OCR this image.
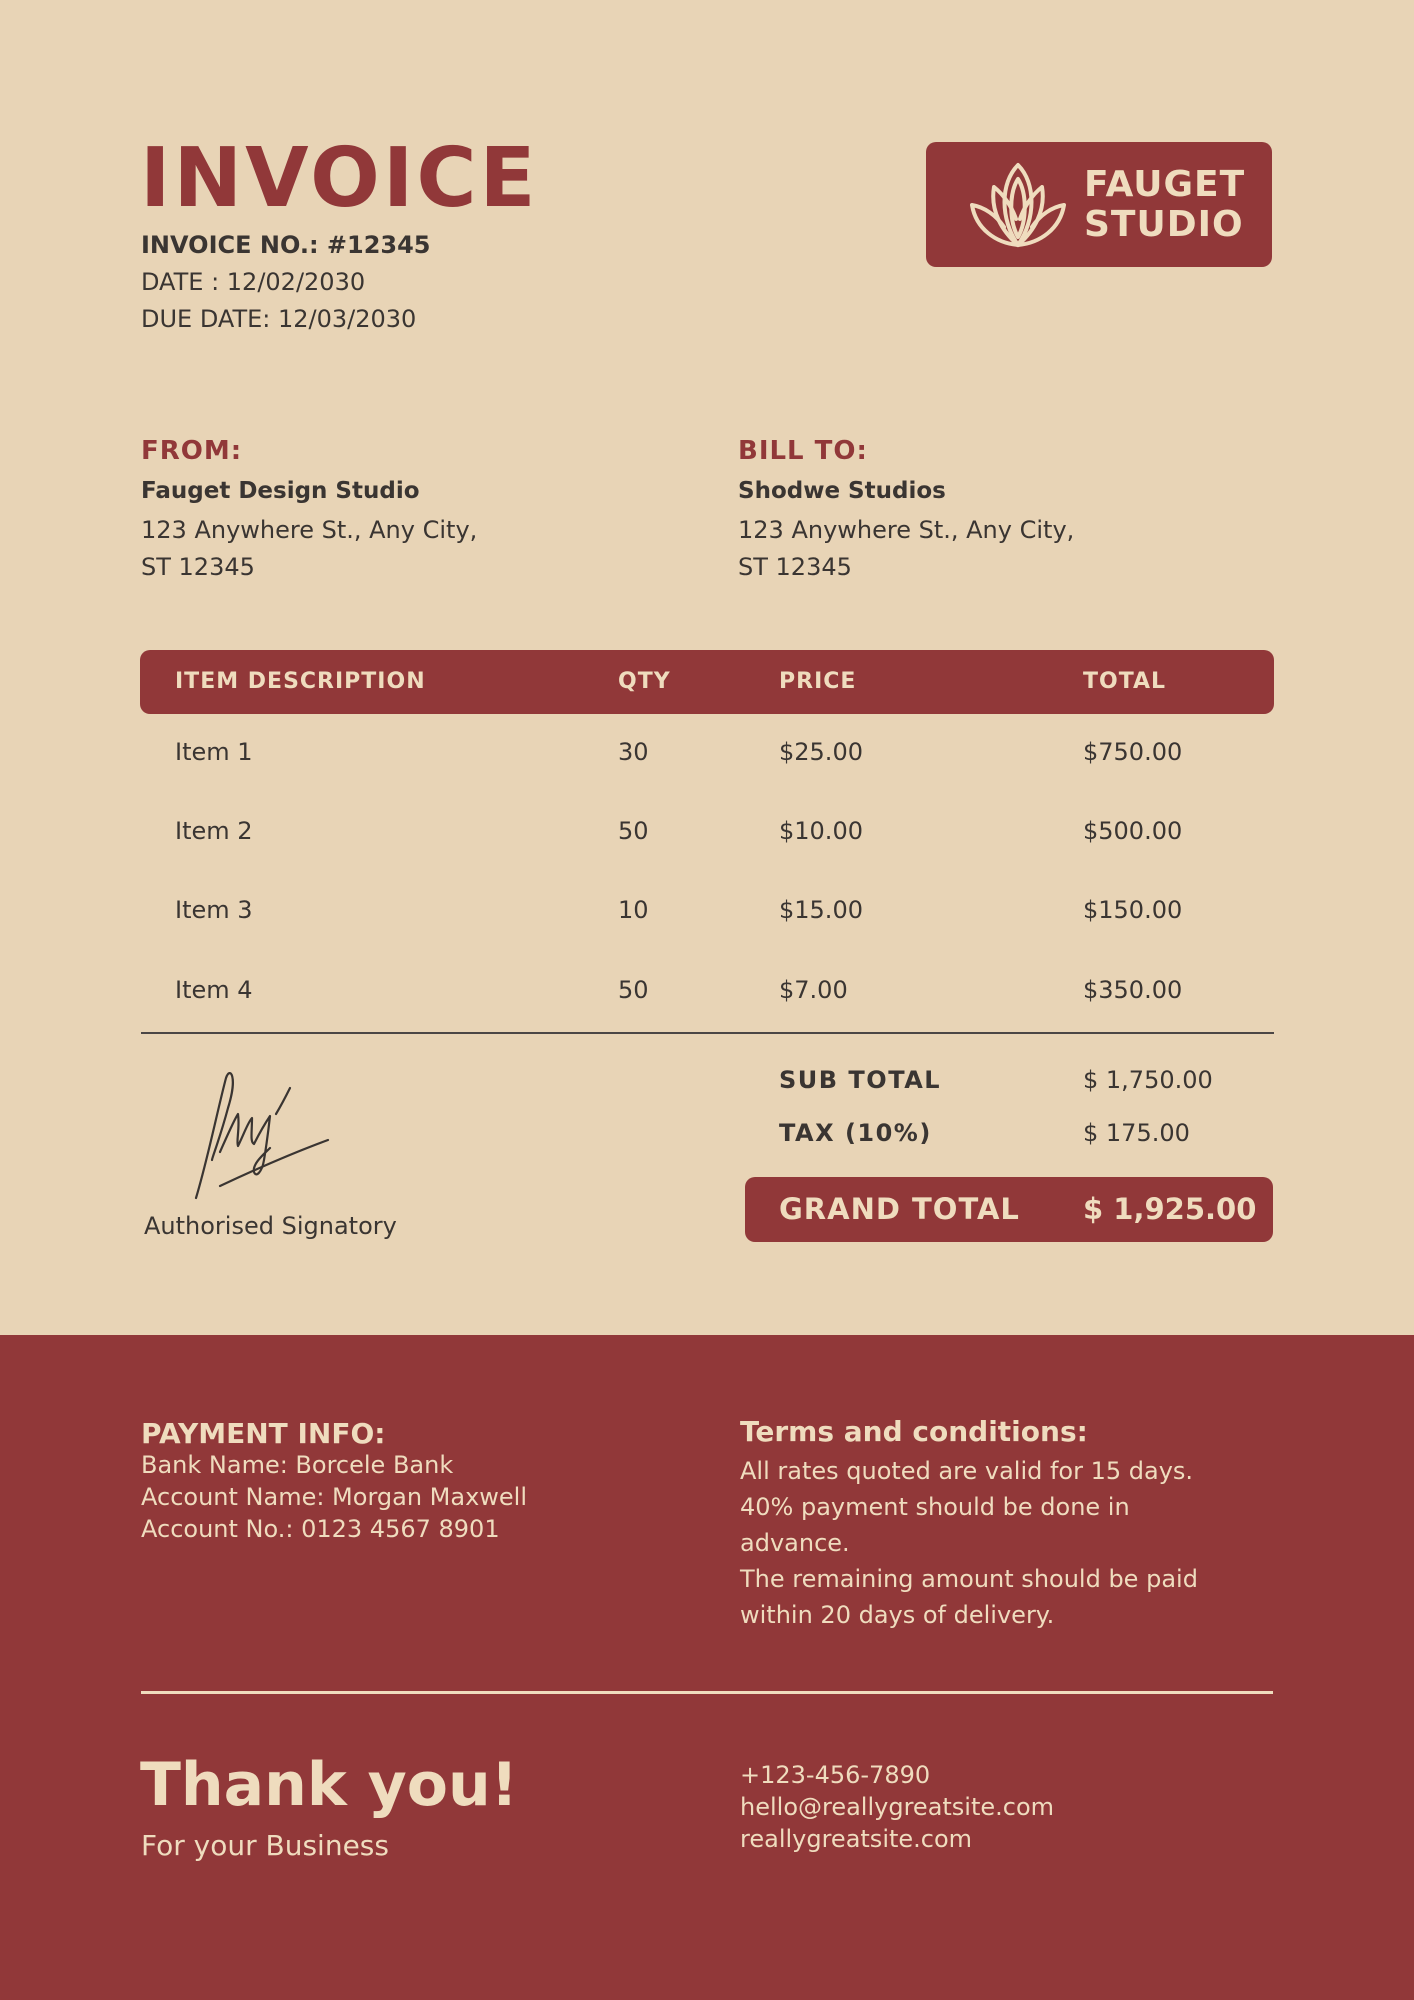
INVOICE
INVOICE NO.: #12345
DATE : 12/02/2030
DUE DATE: 12/03/2030
FAUGET
STUDIO
FROM:
Fauget Design Studio
123 Anywhere St., Any City,
ST 12345
BILL TO:
Shodwe Studios
123 Anywhere St., Any City,
ST 12345
ITEM DESCRIPTION	QTY	PRICE	TOTAL
Item 1	30	$25.00	$750.00
Item 2	50	$10.00	$500.00
Item 3	10	$15.00	$150.00
Item 4	50	$7.00	$350.00
Authorised Signatory
SUB TOTAL	$ 1,750.00
TAX (10%)	$ 175.00
GRAND TOTAL $ 1,925.00
PAYMENT INFO:
Bank Name: Borcele Bank
Account Name: Morgan Maxwell
Account No.: 0123 4567 8901
Terms and conditions:
All rates quoted are valid for 15 days.
40% payment should be done in advance.
The remaining amount should be paid within 20 days of delivery.
Thank you!
For your Business
+123-456-7890
hello@reallygreatsite.com
reallygreatsite.com
